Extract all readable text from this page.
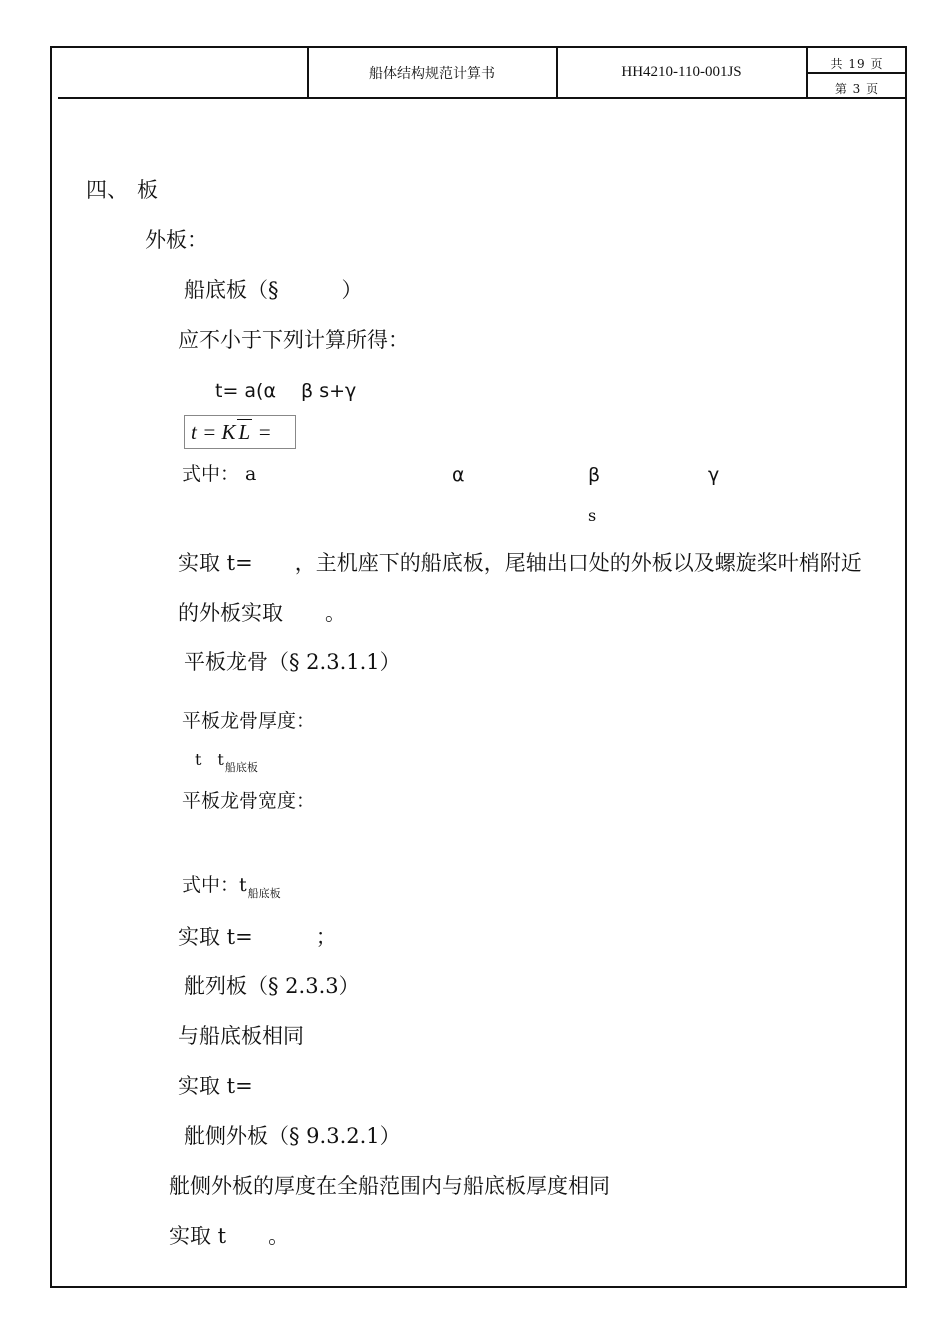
船体结构规范计算书	HH4210-110-001JS	共 19 页
第 3 页
四、 板
外板：
船底板（§　　　）
应不小于下列计算所得：
t= a(α　 β s+γ
t = K L =
式中： a	α	β	γ
s
实取 t=　　，主机座下的船底板，尾轴出口处的外板以及螺旋桨叶梢附近
的外板实取　　。
平板龙骨（§ 2.3.1.1）
平板龙骨厚度：
t　$t_{船底板}$
平板龙骨宽度：
式中：$t_{船底板}$
实取 t=　　　；
舭列板（§ 2.3.3）
与船底板相同
实取 t=
舭侧外板（§ 9.3.2.1）
舭侧外板的厚度在全船范围内与船底板厚度相同
实取 t　　。
